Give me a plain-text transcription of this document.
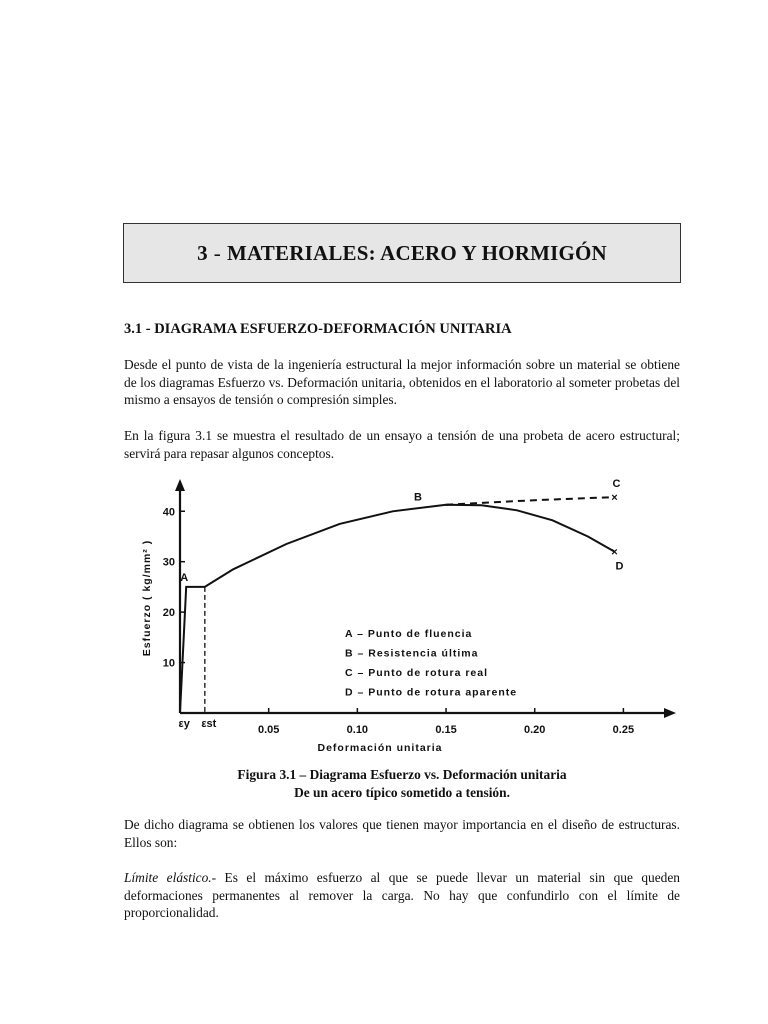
3 - MATERIALES: ACERO Y HORMIGÓN
3.1 - DIAGRAMA ESFUERZO-DEFORMACIÓN UNITARIA

Desde el punto de vista de la ingeniería estructural la mejor información sobre un material se obtiene de los diagramas Esfuerzo vs. Deformación unitaria, obtenidos en el laboratorio al someter probetas del mismo a ensayos de tensión o compresión simples.

En la figura 3.1 se muestra el resultado de un ensayo a tensión de una probeta de acero estructural; servirá para repasar algunos conceptos.

0.05	0.10	0.15	0.20	0.25
10
20
30
40
Deformación unitaria
Esfuerzo ( kg/mm² )
εy εst
A
B	×
C
×
D
A – Punto de fluencia
B – Resistencia última
C – Punto de rotura real
D – Punto de rotura aparente
Figura 3.1 – Diagrama Esfuerzo vs. Deformación unitaria
De un acero típico sometido a tensión.

De dicho diagrama se obtienen los valores que tienen mayor importancia en el diseño de estructuras. Ellos son:

Límite elástico.- Es el máximo esfuerzo al que se puede llevar un material sin que queden deformaciones permanentes al remover la carga. No hay que confundirlo con el límite de proporcionalidad.
